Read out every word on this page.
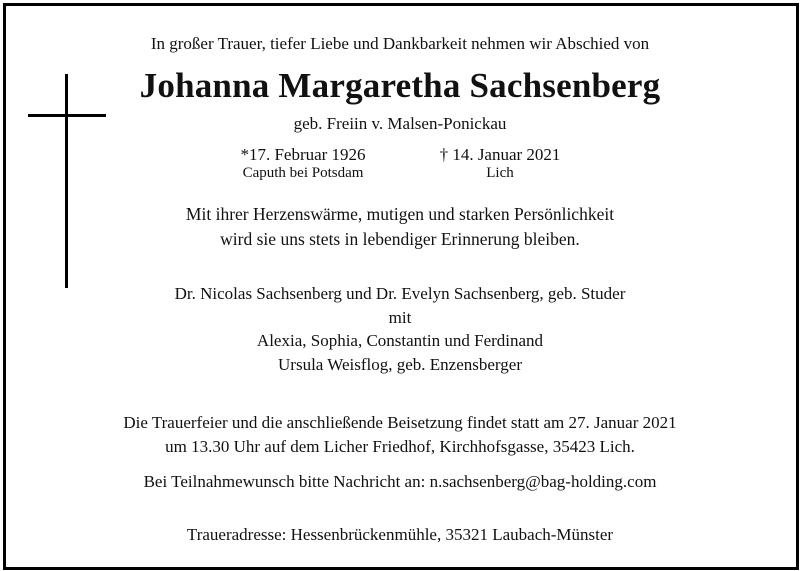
In großer Trauer, tiefer Liebe und Dankbarkeit nehmen wir Abschied von
Johanna Margaretha Sachsenberg
geb. Freiin v. Malsen-Ponickau
*17. Februar 1926
Caputh bei Potsdam
† 14. Januar 2021
Lich
Mit ihrer Herzenswärme, mutigen und starken Persönlichkeit
wird sie uns stets in lebendiger Erinnerung bleiben.
Dr. Nicolas Sachsenberg und Dr. Evelyn Sachsenberg, geb. Studer
mit
Alexia, Sophia, Constantin und Ferdinand
Ursula Weisflog, geb. Enzensberger
Die Trauerfeier und die anschließende Beisetzung findet statt am 27. Januar 2021
um 13.30 Uhr auf dem Licher Friedhof, Kirchhofsgasse, 35423 Lich.
Bei Teilnahmewunsch bitte Nachricht an: n.sachsenberg@bag-holding.com
Traueradresse: Hessenbrückenmühle, 35321 Laubach-Münster
